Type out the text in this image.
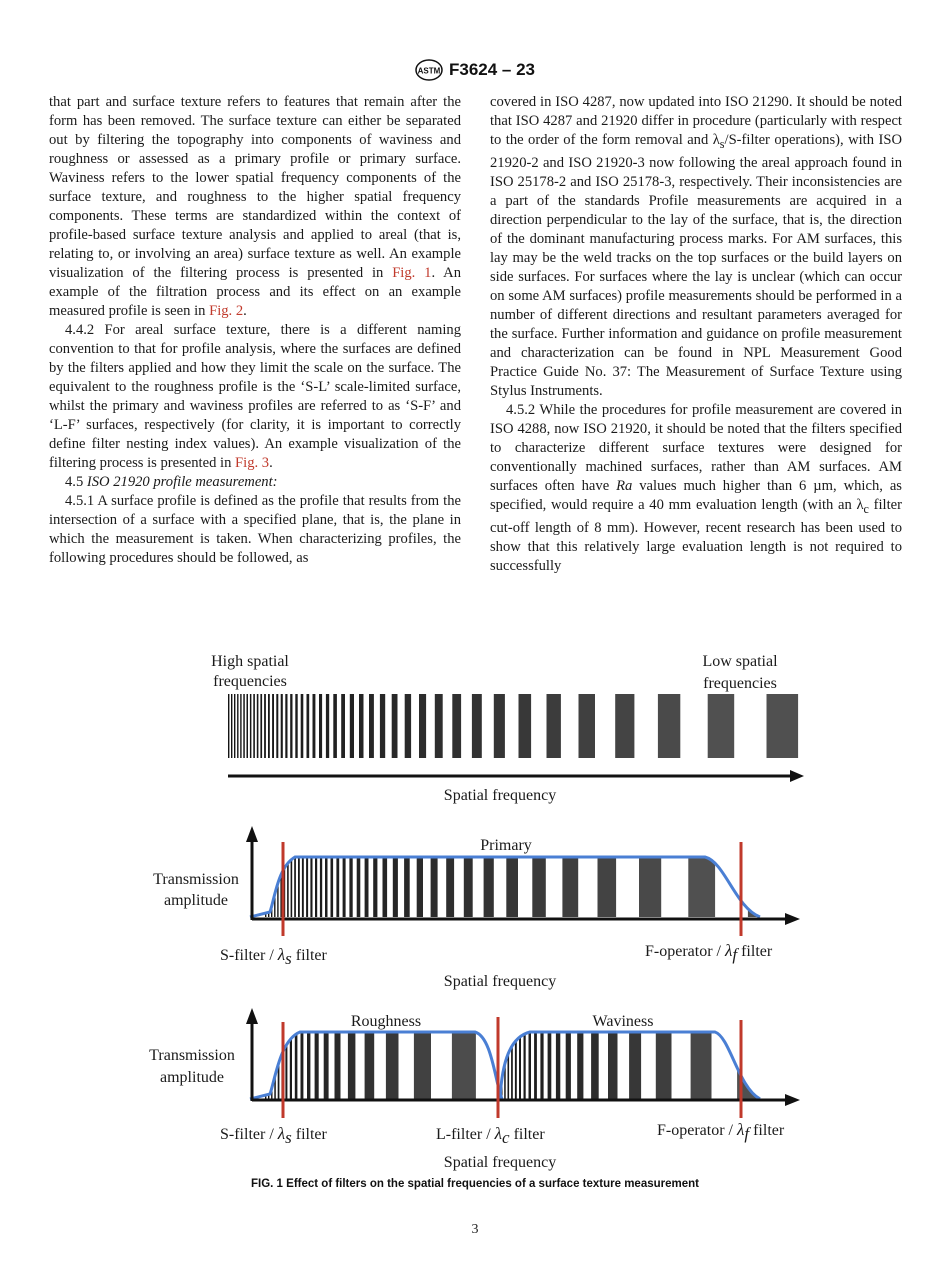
ASTM F3624 – 23

that part and surface texture refers to features that remain after the form has been removed. The surface texture can either be separated out by filtering the topography into components of waviness and roughness or assessed as a primary profile or primary surface. Waviness refers to the lower spatial frequency components of the surface texture, and roughness to the higher spatial frequency components. These terms are standardized within the context of profile-based surface texture analysis and applied to areal (that is, relating to, or involving an area) surface texture as well. An example visualization of the filtering process is presented in Fig. 1. An example of the filtration process and its effect on an example measured profile is seen in Fig. 2.

4.4.2 For areal surface texture, there is a different naming convention to that for profile analysis, where the surfaces are defined by the filters applied and how they limit the scale on the surface. The equivalent to the roughness profile is the ‘S-L’ scale-limited surface, whilst the primary and waviness profiles are referred to as ‘S-F’ and ‘L-F’ surfaces, respectively (for clarity, it is important to correctly define filter nesting index values). An example visualization of the filtering process is presented in Fig. 3.

4.5 ISO 21920 profile measurement:

4.5.1 A surface profile is defined as the profile that results from the intersection of a surface with a specified plane, that is, the plane in which the measurement is taken. When characterizing profiles, the following procedures should be followed, as

covered in ISO 4287, now updated into ISO 21290. It should be noted that ISO 4287 and 21920 differ in procedure (particularly with respect to the order of the form removal and $\lambda_s/S$-filter operations), with ISO 21920-2 and ISO 21920-3 now following the areal approach found in ISO 25178-2 and ISO 25178-3, respectively. Their inconsistencies are a part of the standards Profile measurements are acquired in a direction perpendicular to the lay of the surface, that is, the direction of the dominant manufacturing process marks. For AM surfaces, this lay may be the weld tracks on the top surfaces or the build layers on side surfaces. For surfaces where the lay is unclear (which can occur on some AM surfaces) profile measurements should be performed in a number of different directions and resultant parameters averaged for the surface. Further information and guidance on profile measurement and characterization can be found in NPL Measurement Good Practice Guide No. 37: The Measurement of Surface Texture using Stylus Instruments.

4.5.2 While the procedures for profile measurement are covered in ISO 4288, now ISO 21920, it should be noted that the filters specified to characterize different surface textures were designed for conventionally machined surfaces, rather than AM surfaces. AM surfaces often have Ra values much higher than 6 µm, which, as specified, would require a 40 mm evaluation length (with an $\lambda_c$ filter cut-off length of 8 mm). However, recent research has been used to show that this relatively large evaluation length is not required to successfully

High spatial
frequencies
Low spatial
frequencies
Spatial frequency
Primary
Transmission
amplitude
S-filter / λs filter	F-operator / λf filter
Spatial frequency
Roughness	Waviness
Transmission
amplitude
S-filter / λs filter	L-filter / λc filter	F-operator / λf filter
Spatial frequency
FIG. 1 Effect of filters on the spatial frequencies of a surface texture measurement
3
